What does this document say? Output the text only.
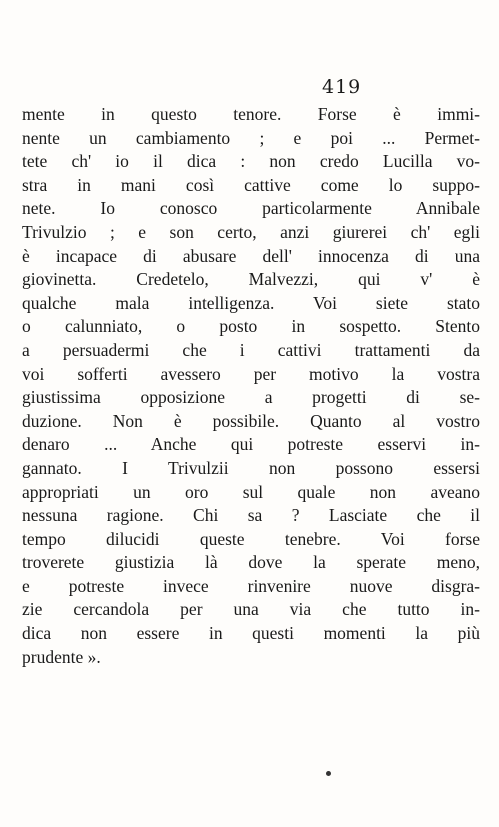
419
mente in questo tenore. Forse è immi-
nente un cambiamento ; e poi ... Permet-
tete ch' io il dica : non credo Lucilla vo-
stra in mani così cattive come lo suppo-
nete. Io conosco particolarmente Annibale
Trivulzio ; e son certo, anzi giurerei ch' egli
è incapace di abusare dell' innocenza di una
giovinetta. Credetelo, Malvezzi, qui v' è
qualche mala intelligenza. Voi siete stato
o calunniato, o posto in sospetto. Stento
a persuadermi che i cattivi trattamenti da
voi sofferti avessero per motivo la vostra
giustissima opposizione a progetti di se-
duzione. Non è possibile. Quanto al vostro
denaro ... Anche qui potreste esservi in-
gannato. I Trivulzii non possono essersi
appropriati un oro sul quale non aveano
nessuna ragione. Chi sa ? Lasciate che il
tempo dilucidi queste tenebre. Voi forse
troverete giustizia là dove la sperate meno,
e potreste invece rinvenire nuove disgra-
zie cercandola per una via che tutto in-
dica non essere in questi momenti la più
prudente ».
